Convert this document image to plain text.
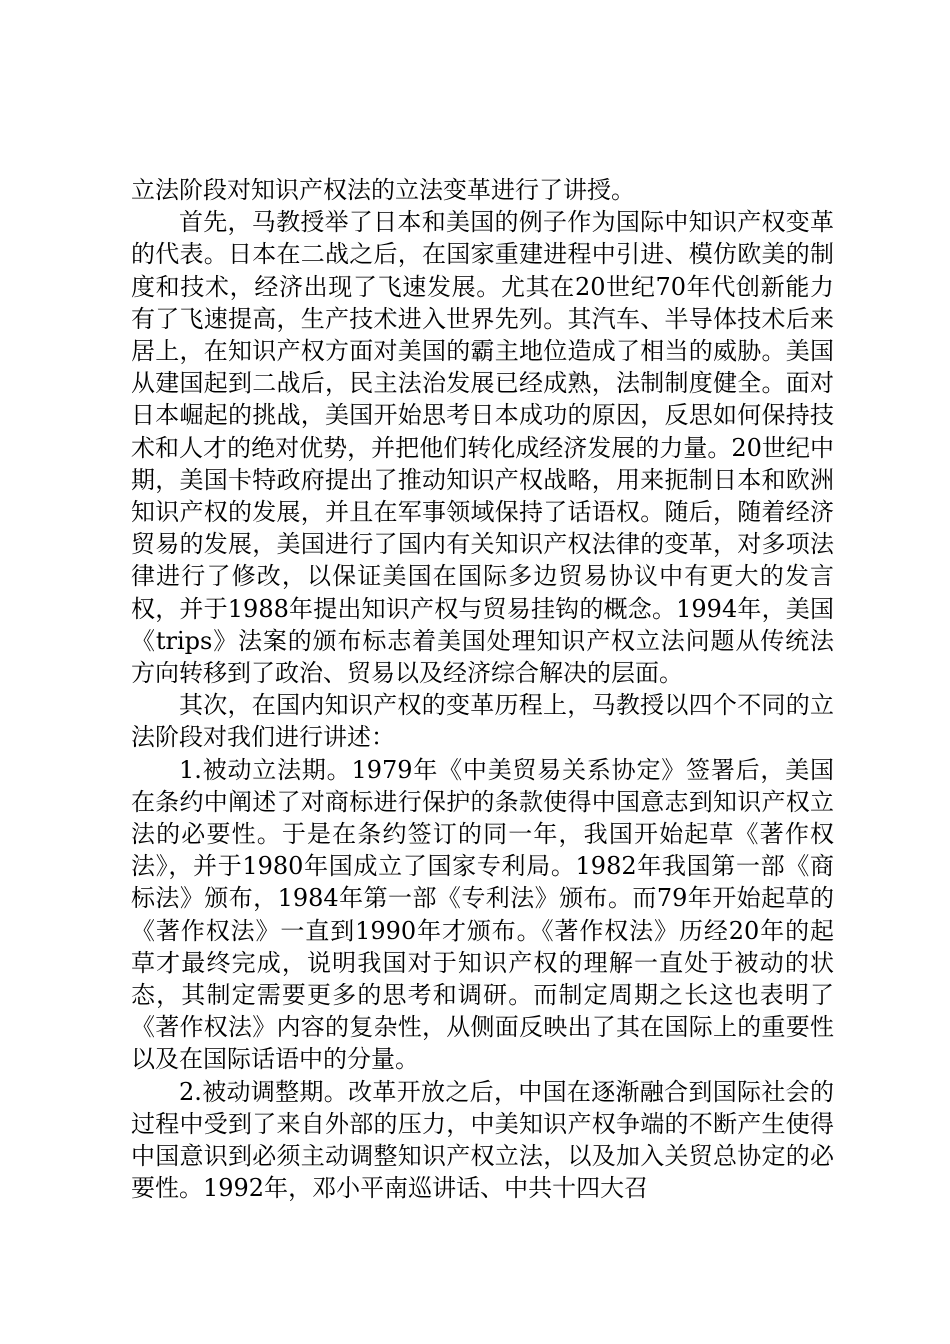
立法阶段对知识产权法的立法变革进行了讲授。

首先，马教授举了日本和美国的例子作为国际中知识产权变革的代表。日本在二战之后，在国家重建进程中引进、模仿欧美的制度和技术，经济出现了飞速发展。尤其在20世纪70年代创新能力有了飞速提高，生产技术进入世界先列。其汽车、半导体技术后来居上，在知识产权方面对美国的霸主地位造成了相当的威胁。美国从建国起到二战后，民主法治发展已经成熟，法制制度健全。面对日本崛起的挑战，美国开始思考日本成功的原因，反思如何保持技术和人才的绝对优势，并把他们转化成经济发展的力量。20世纪中期，美国卡特政府提出了推动知识产权战略，用来扼制日本和欧洲知识产权的发展，并且在军事领域保持了话语权。随后，随着经济贸易的发展，美国进行了国内有关知识产权法律的变革，对多项法律进行了修改，以保证美国在国际多边贸易协议中有更大的发言权，并于1988年提出知识产权与贸易挂钩的概念。1994年，美国《trips》法案的颁布标志着美国处理知识产权立法问题从传统法方向转移到了政治、贸易以及经济综合解决的层面。

其次，在国内知识产权的变革历程上，马教授以四个不同的立法阶段对我们进行讲述：

1.被动立法期。1979年《中美贸易关系协定》签署后，美国在条约中阐述了对商标进行保护的条款使得中国意志到知识产权立法的必要性。于是在条约签订的同一年，我国开始起草《著作权法》，并于1980年国成立了国家专利局。1982年我国第一部《商标法》颁布，1984年第一部《专利法》颁布。而79年开始起草的《著作权法》一直到1990年才颁布。《著作权法》历经20年的起草才最终完成，说明我国对于知识产权的理解一直处于被动的状态，其制定需要更多的思考和调研。而制定周期之长这也表明了《著作权法》内容的复杂性，从侧面反映出了其在国际上的重要性以及在国际话语中的分量。

2.被动调整期。改革开放之后，中国在逐渐融合到国际社会的过程中受到了来自外部的压力，中美知识产权争端的不断产生使得中国意识到必须主动调整知识产权立法，以及加入关贸总协定的必要性。1992年，邓小平南巡讲话、中共十四大召
